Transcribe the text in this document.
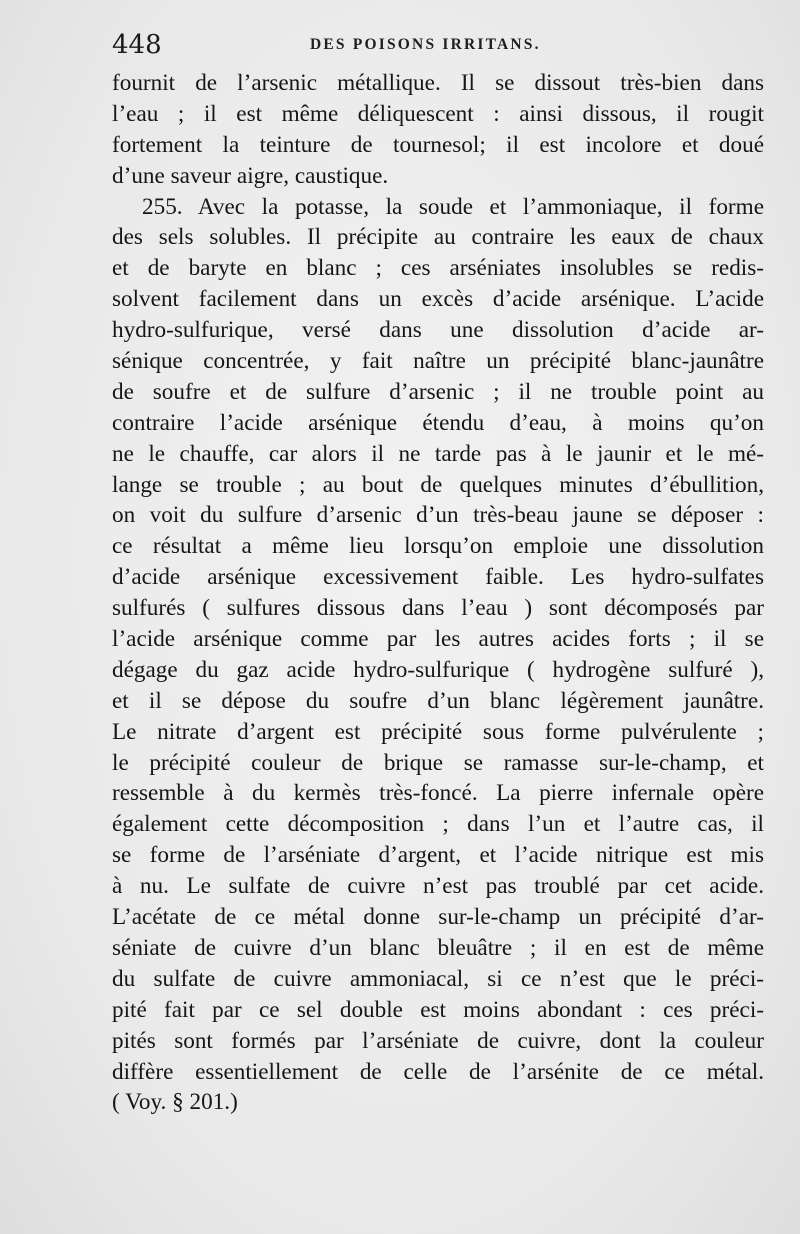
448	DES POISONS IRRITANS.
fournit de l’arsenic métallique. Il se dissout très-bien dans
l’eau ; il est même déliquescent : ainsi dissous, il rougit
fortement la teinture de tournesol; il est incolore et doué
d’une saveur aigre, caustique.
255. Avec la potasse, la soude et l’ammoniaque, il forme
des sels solubles. Il précipite au contraire les eaux de chaux
et de baryte en blanc ; ces arséniates insolubles se redis-
solvent facilement dans un excès d’acide arsénique. L’acide
hydro-sulfurique, versé dans une dissolution d’acide ar-
sénique concentrée, y fait naître un précipité blanc-jaunâtre
de soufre et de sulfure d’arsenic ; il ne trouble point au
contraire l’acide arsénique étendu d’eau, à moins qu’on
ne le chauffe, car alors il ne tarde pas à le jaunir et le mé-
lange se trouble ; au bout de quelques minutes d’ébullition,
on voit du sulfure d’arsenic d’un très-beau jaune se déposer :
ce résultat a même lieu lorsqu’on emploie une dissolution
d’acide arsénique excessivement faible. Les hydro-sulfates
sulfurés ( sulfures dissous dans l’eau ) sont décomposés par
l’acide arsénique comme par les autres acides forts ; il se
dégage du gaz acide hydro-sulfurique ( hydrogène sulfuré ),
et il se dépose du soufre d’un blanc légèrement jaunâtre.
Le nitrate d’argent est précipité sous forme pulvérulente ;
le précipité couleur de brique se ramasse sur-le-champ, et
ressemble à du kermès très-foncé. La pierre infernale opère
également cette décomposition ; dans l’un et l’autre cas, il
se forme de l’arséniate d’argent, et l’acide nitrique est mis
à nu. Le sulfate de cuivre n’est pas troublé par cet acide.
L’acétate de ce métal donne sur-le-champ un précipité d’ar-
séniate de cuivre d’un blanc bleuâtre ; il en est de même
du sulfate de cuivre ammoniacal, si ce n’est que le préci-
pité fait par ce sel double est moins abondant : ces préci-
pités sont formés par l’arséniate de cuivre, dont la couleur
diffère essentiellement de celle de l’arsénite de ce métal.
( Voy. § 201.)
